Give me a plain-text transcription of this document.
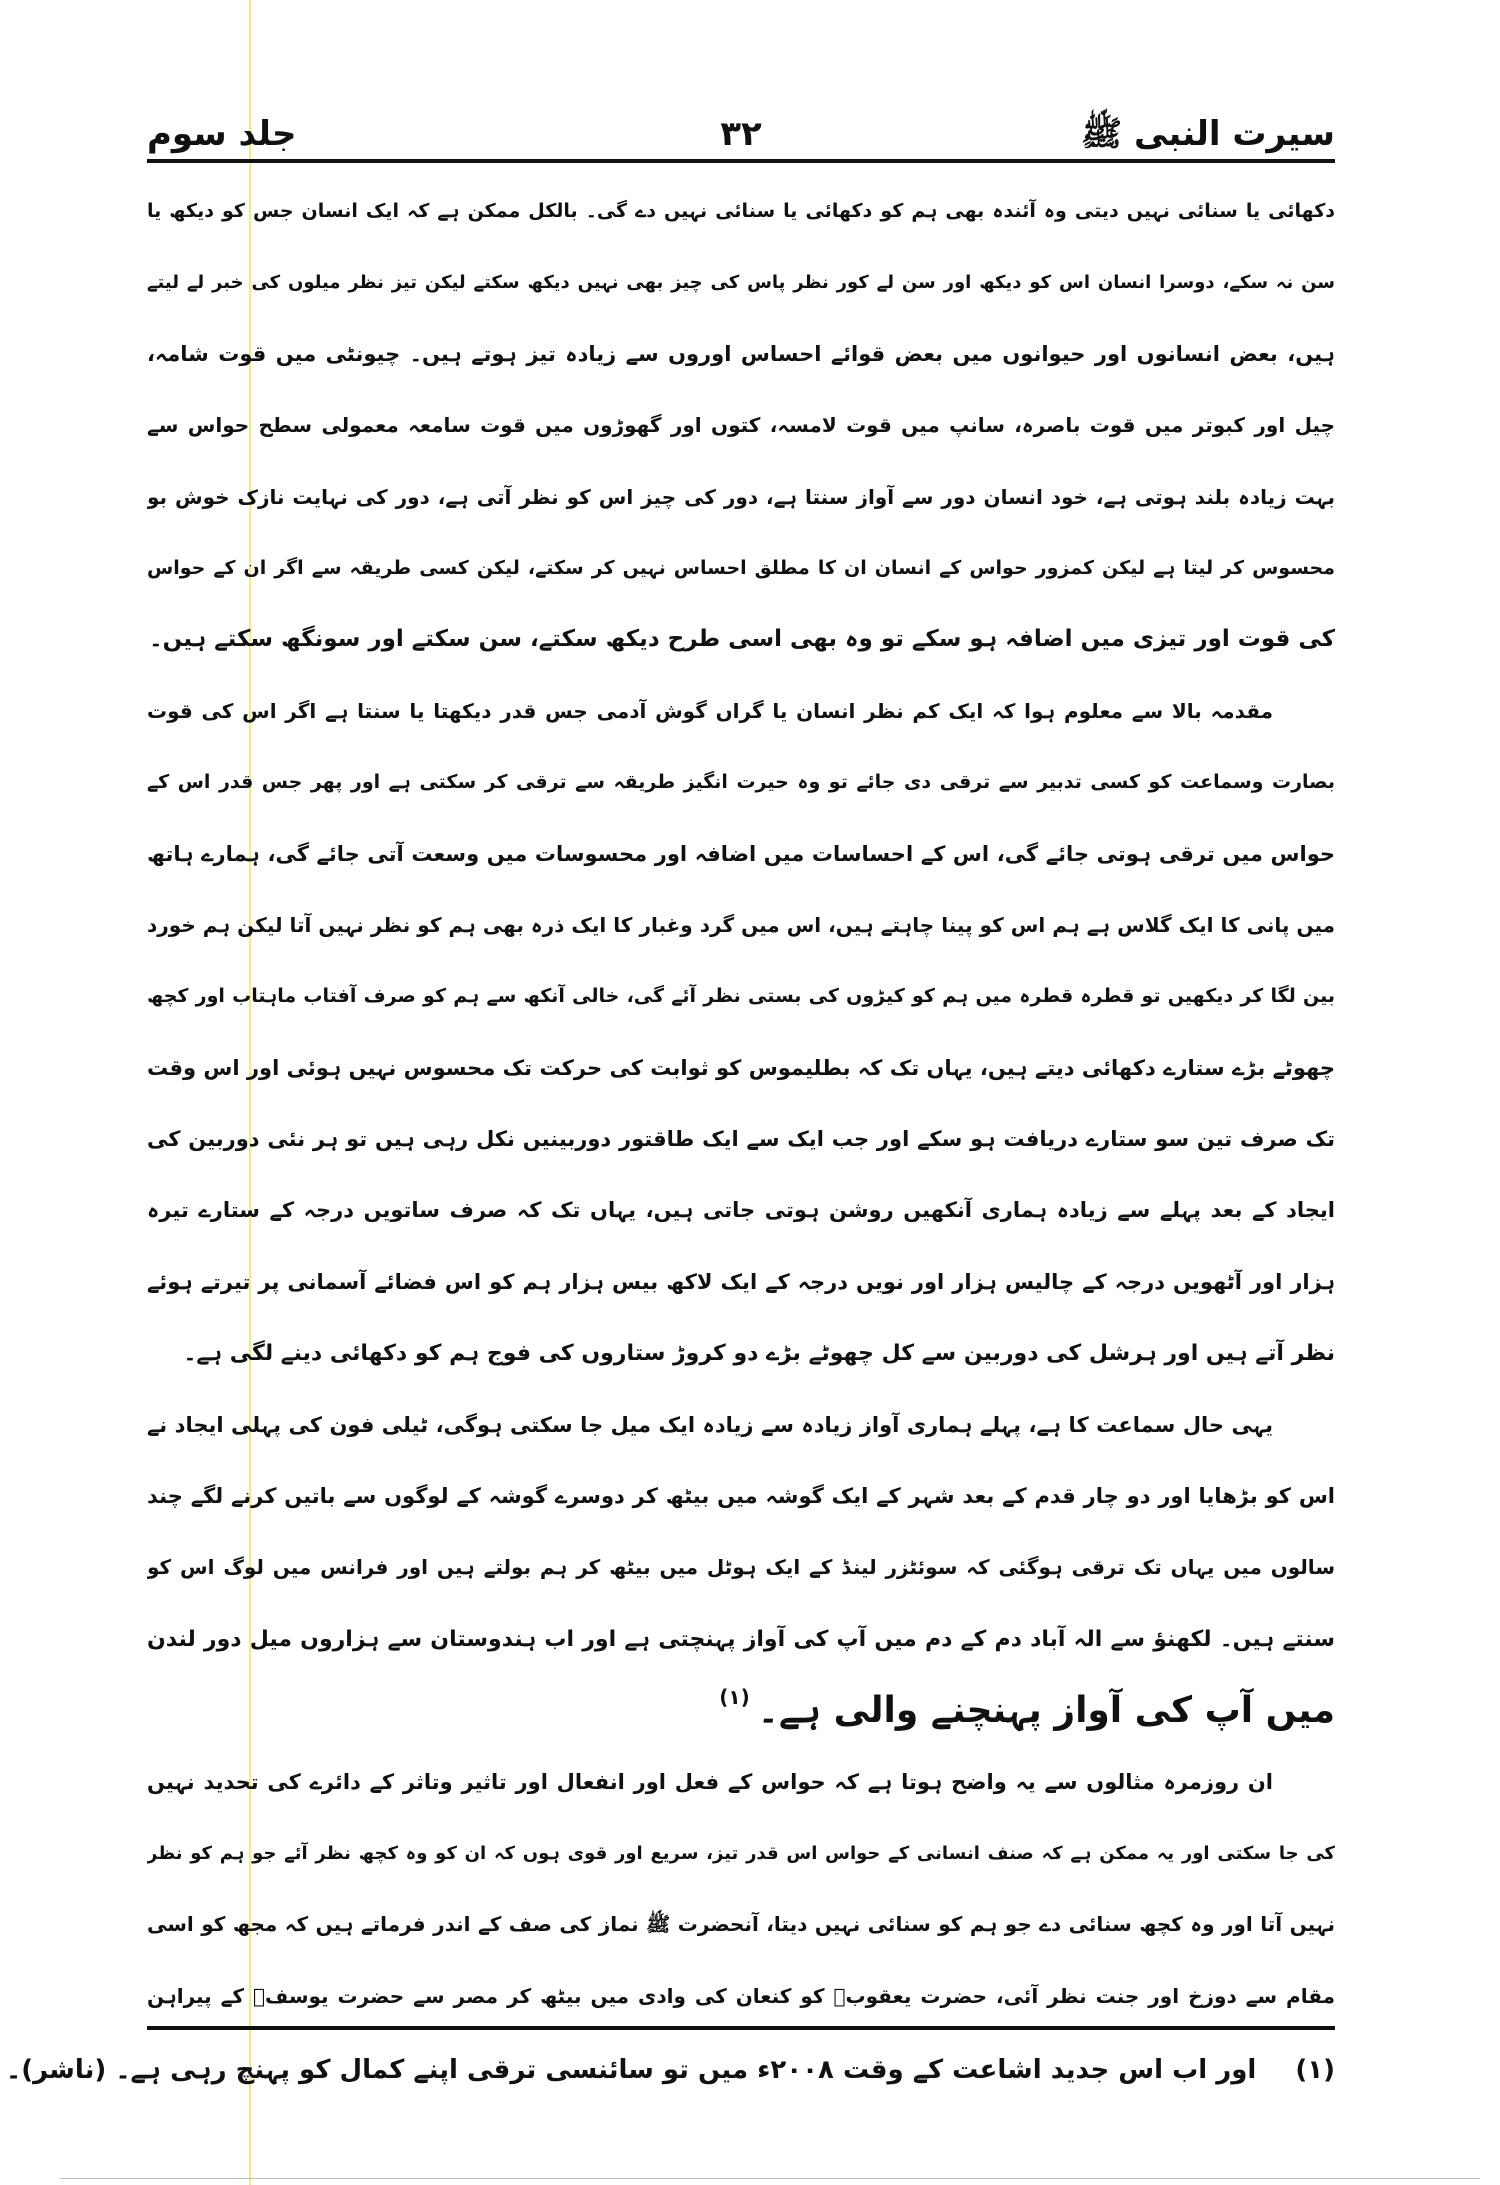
سیرت النبی ﷺ
۳۲
جلد سوم
دکھائی یا سنائی نہیں دیتی وہ آئندہ بھی ہم کو دکھائی یا سنائی نہیں دے گی۔ بالکل ممکن ہے کہ ایک انسان جس کو دیکھ یا
سن نہ سکے، دوسرا انسان اس کو دیکھ اور سن لے کور نظر پاس کی چیز بھی نہیں دیکھ سکتے لیکن تیز نظر میلوں کی خبر لے لیتے
ہیں، بعض انسانوں اور حیوانوں میں بعض قوائے احساس اوروں سے زیادہ تیز ہوتے ہیں۔ چیونٹی میں قوت شامہ،
چیل اور کبوتر میں قوت باصرہ، سانپ میں قوت لامسہ، کتوں اور گھوڑوں میں قوت سامعہ معمولی سطح حواس سے
بہت زیادہ بلند ہوتی ہے، خود انسان دور سے آواز سنتا ہے، دور کی چیز اس کو نظر آتی ہے، دور کی نہایت نازک خوش بو
محسوس کر لیتا ہے لیکن کمزور حواس کے انسان ان کا مطلق احساس نہیں کر سکتے، لیکن کسی طریقہ سے اگر ان کے حواس
کی قوت اور تیزی میں اضافہ ہو سکے تو وہ بھی اسی طرح دیکھ سکتے، سن سکتے اور سونگھ سکتے ہیں۔
مقدمہ بالا سے معلوم ہوا کہ ایک کم نظر انسان یا گراں گوش آدمی جس قدر دیکھتا یا سنتا ہے اگر اس کی قوت
بصارت وسماعت کو کسی تدبیر سے ترقی دی جائے تو وہ حیرت انگیز طریقہ سے ترقی کر سکتی ہے اور پھر جس قدر اس کے
حواس میں ترقی ہوتی جائے گی، اس کے احساسات میں اضافہ اور محسوسات میں وسعت آتی جائے گی، ہمارے ہاتھ
میں پانی کا ایک گلاس ہے ہم اس کو پینا چاہتے ہیں، اس میں گرد وغبار کا ایک ذرہ بھی ہم کو نظر نہیں آتا لیکن ہم خورد
بین لگا کر دیکھیں تو قطرہ قطرہ میں ہم کو کیڑوں کی بستی نظر آئے گی، خالی آنکھ سے ہم کو صرف آفتاب ماہتاب اور کچھ
چھوٹے بڑے ستارے دکھائی دیتے ہیں، یہاں تک کہ بطلیموس کو ثوابت کی حرکت تک محسوس نہیں ہوئی اور اس وقت
تک صرف تین سو ستارے دریافت ہو سکے اور جب ایک سے ایک طاقتور دوربینیں نکل رہی ہیں تو ہر نئی دوربین کی
ایجاد کے بعد پہلے سے زیادہ ہماری آنکھیں روشن ہوتی جاتی ہیں، یہاں تک کہ صرف ساتویں درجہ کے ستارے تیرہ
ہزار اور آٹھویں درجہ کے چالیس ہزار اور نویں درجہ کے ایک لاکھ بیس ہزار ہم کو اس فضائے آسمانی پر تیرتے ہوئے
نظر آتے ہیں اور ہرشل کی دوربین سے کل چھوٹے بڑے دو کروڑ ستاروں کی فوج ہم کو دکھائی دینے لگی ہے۔
یہی حال سماعت کا ہے، پہلے ہماری آواز زیادہ سے زیادہ ایک میل جا سکتی ہوگی، ٹیلی فون کی پہلی ایجاد نے
اس کو بڑھایا اور دو چار قدم کے بعد شہر کے ایک گوشہ میں بیٹھ کر دوسرے گوشہ کے لوگوں سے باتیں کرنے لگے چند
سالوں میں یہاں تک ترقی ہوگئی کہ سوئٹزر لینڈ کے ایک ہوٹل میں بیٹھ کر ہم بولتے ہیں اور فرانس میں لوگ اس کو
سنتے ہیں۔ لکھنؤ سے الہ آباد دم کے دم میں آپ کی آواز پہنچتی ہے اور اب ہندوستان سے ہزاروں میل دور لندن
میں آپ کی آواز پہنچنے والی ہے۔$^{(۱)}$
ان روزمرہ مثالوں سے یہ واضح ہوتا ہے کہ حواس کے فعل اور انفعال اور تاثیر وتاثر کے دائرے کی تحدید نہیں
کی جا سکتی اور یہ ممکن ہے کہ صنف انسانی کے حواس اس قدر تیز، سریع اور قوی ہوں کہ ان کو وہ کچھ نظر آئے جو ہم کو نظر
نہیں آتا اور وہ کچھ سنائی دے جو ہم کو سنائی نہیں دیتا، آنحضرت ﷺ نماز کی صف کے اندر فرماتے ہیں کہ مجھ کو اسی
مقام سے دوزخ اور جنت نظر آئی، حضرت یعقوبؑ کو کنعان کی وادی میں بیٹھ کر مصر سے حضرت یوسفؑ کے پیراہن
(۱) اور اب اس جدید اشاعت کے وقت ۲۰۰۸ء میں تو سائنسی ترقی اپنے کمال کو پہنچ رہی ہے۔ (ناشر)۔
